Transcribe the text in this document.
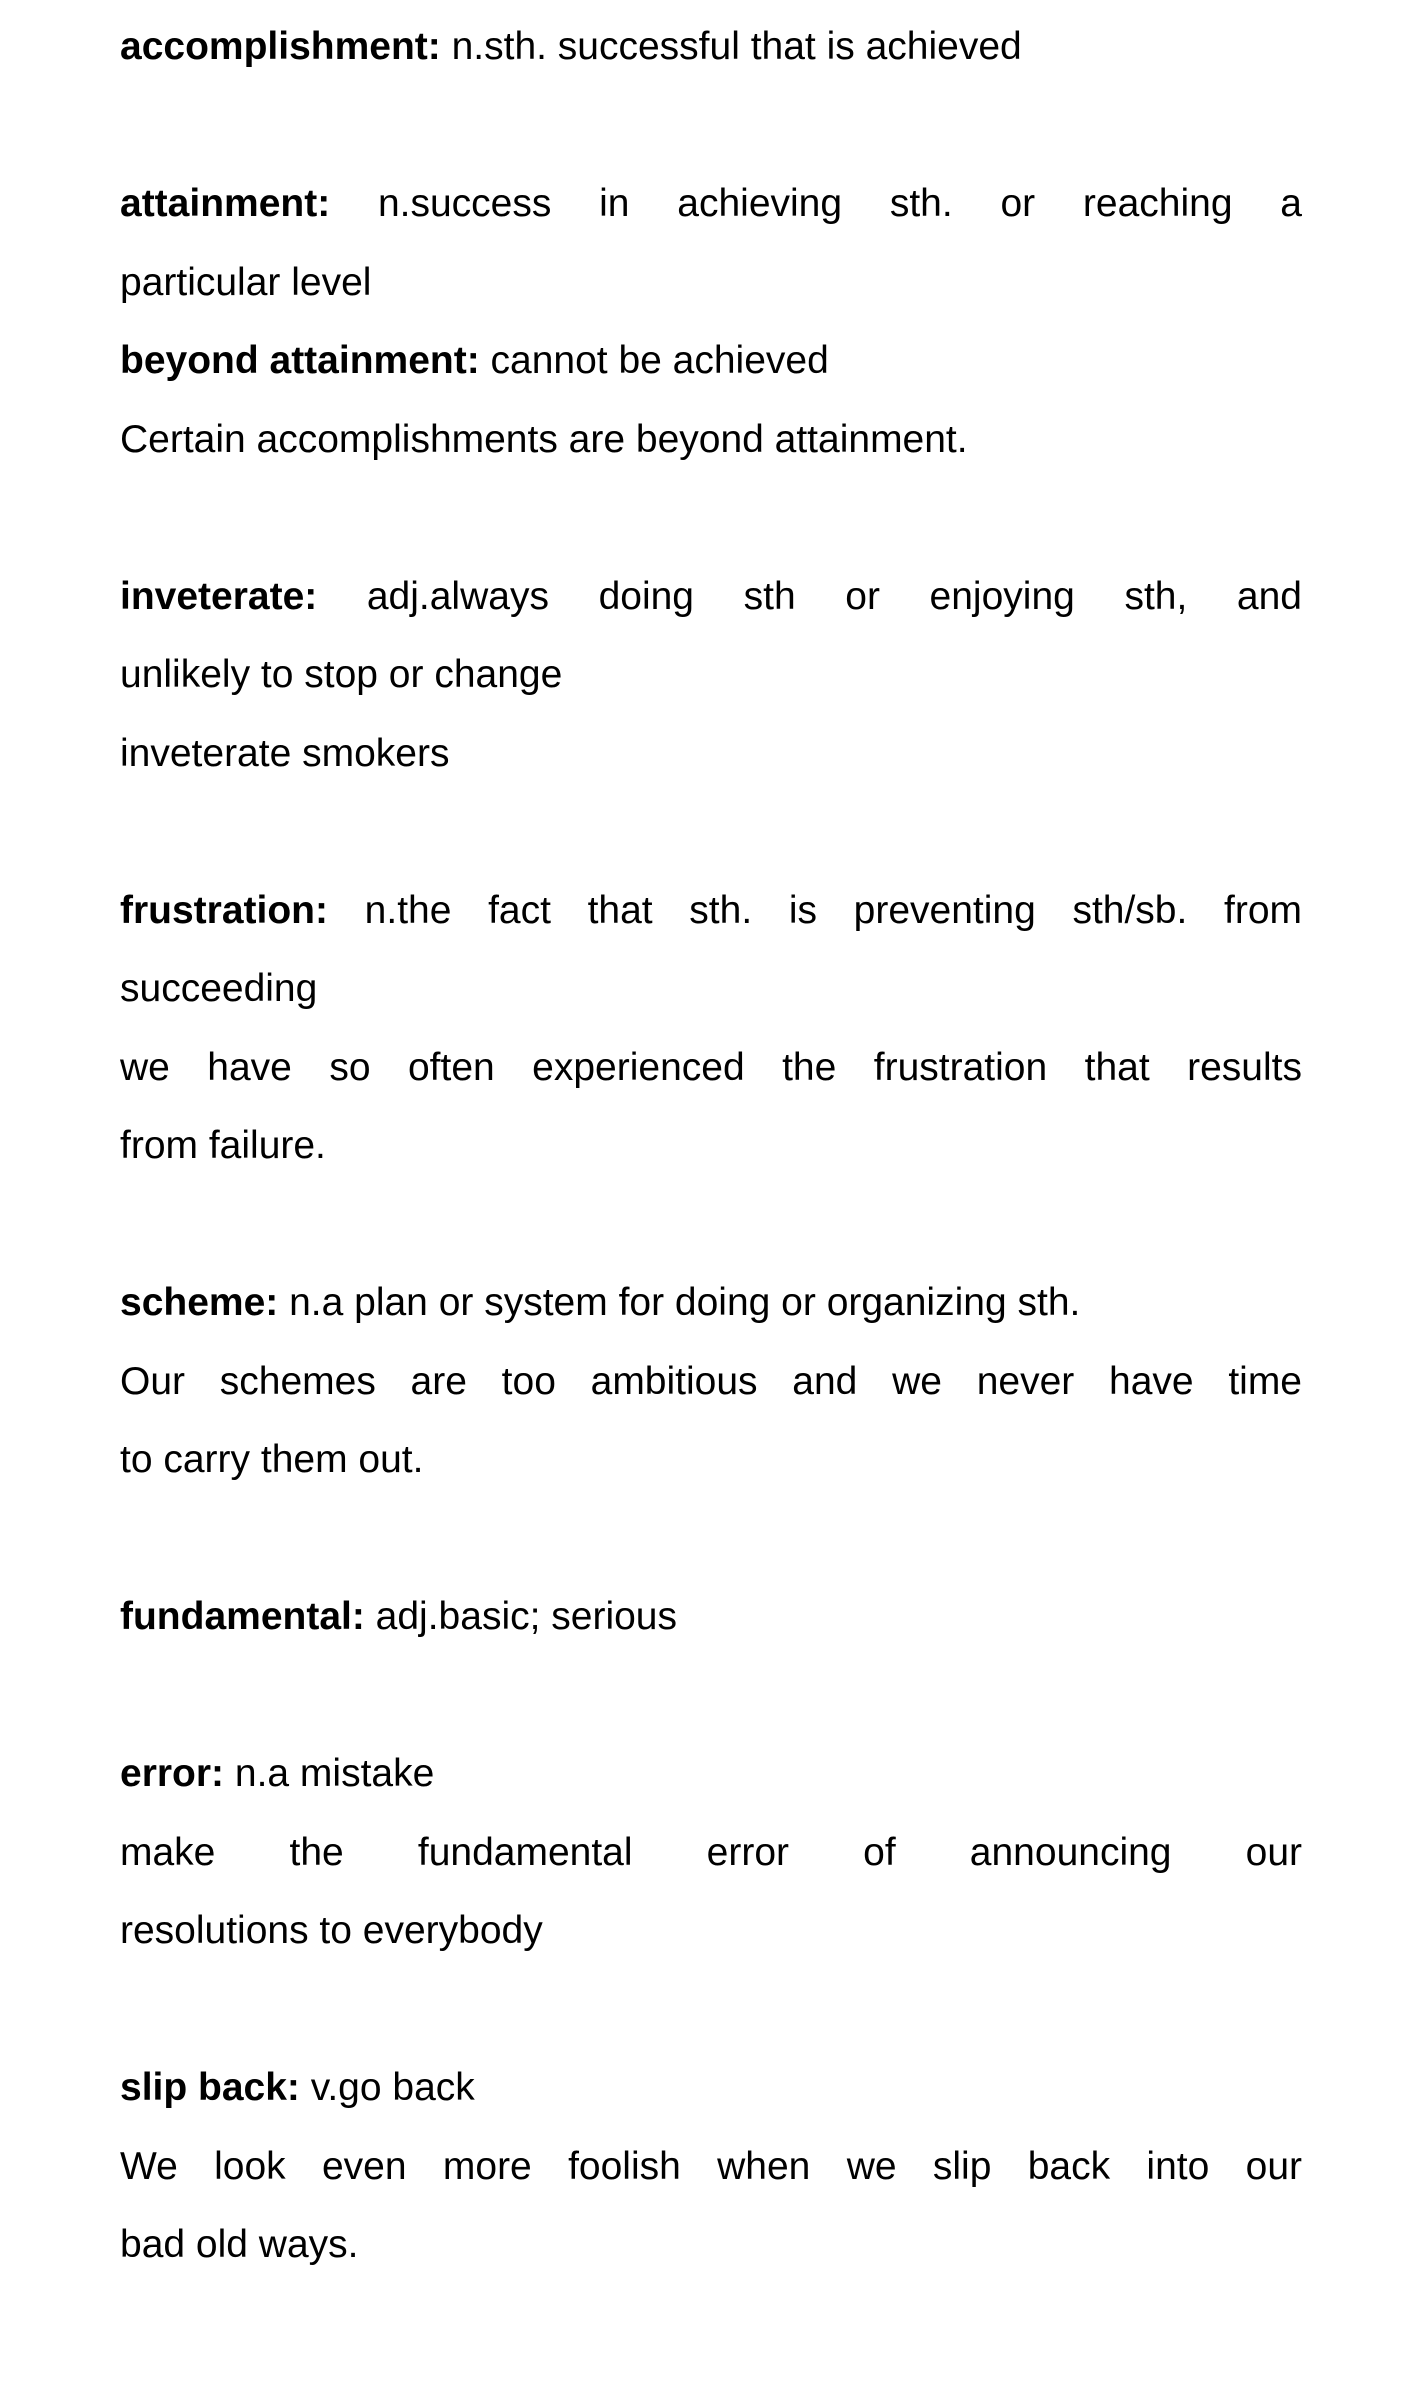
accomplishment: n.sth. successful that is achieved
attainment: n.success in achieving sth. or reaching a
particular level
beyond attainment: cannot be achieved
Certain accomplishments are beyond attainment.
inveterate: adj.always doing sth or enjoying sth, and
unlikely to stop or change
inveterate smokers
frustration: n.the fact that sth. is preventing sth/sb. from
succeeding
we have so often experienced the frustration that results
from failure.
scheme: n.a plan or system for doing or organizing sth.
Our schemes are too ambitious and we never have time
to carry them out.
fundamental: adj.basic; serious
error: n.a mistake
make the fundamental error of announcing our
resolutions to everybody
slip back: v.go back
We look even more foolish when we slip back into our
bad old ways.
